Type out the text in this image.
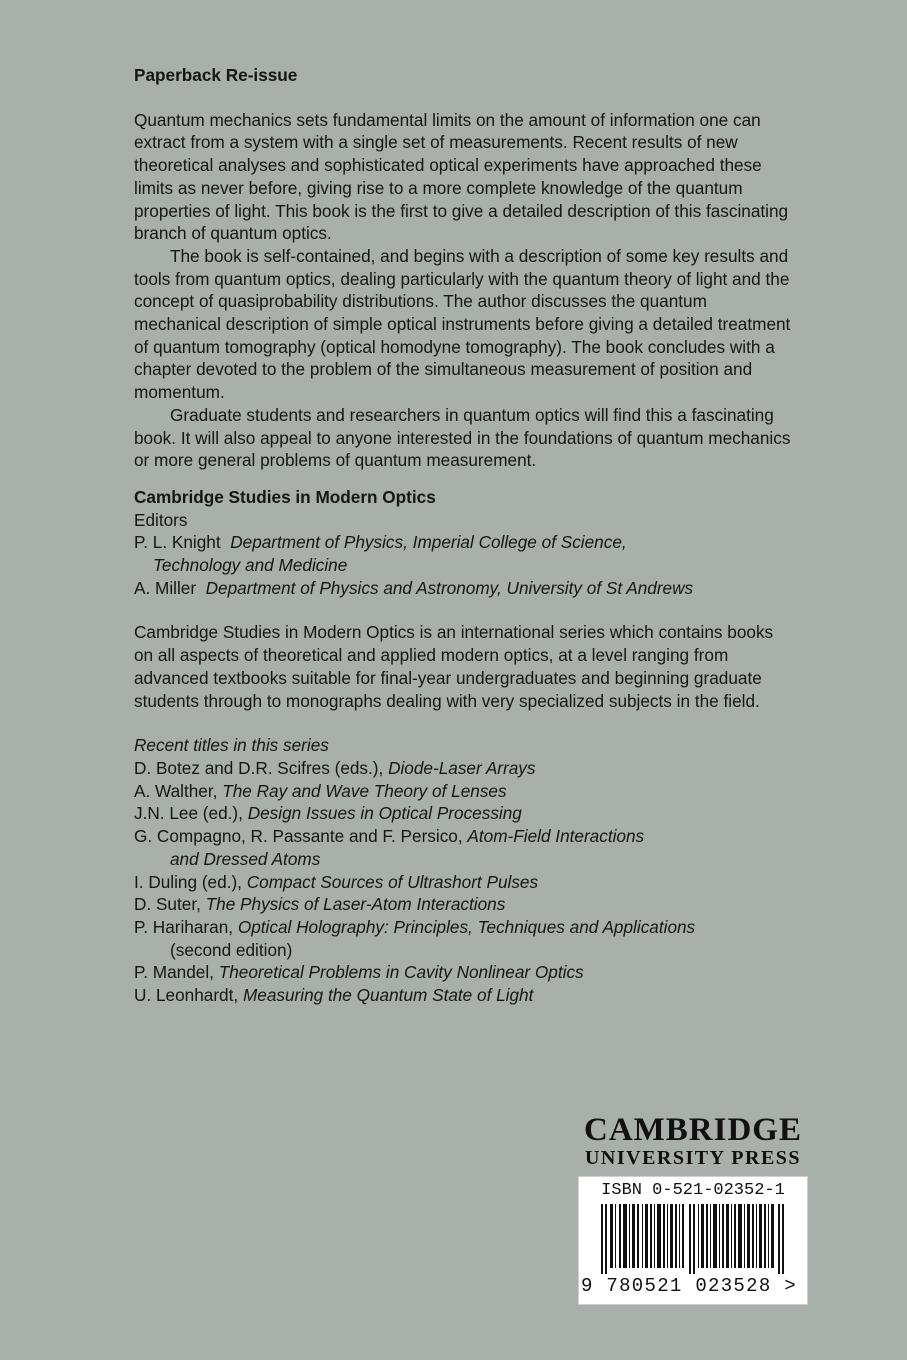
Paperback Re-issue

Quantum mechanics sets fundamental limits on the amount of information one can extract from a system with a single set of measurements. Recent results of new theoretical analyses and sophisticated optical experiments have approached these limits as never before, giving rise to a more complete knowledge of the quantum properties of light. This book is the first to give a detailed description of this fascinating branch of quantum optics.

The book is self-contained, and begins with a description of some key results and tools from quantum optics, dealing particularly with the quantum theory of light and the concept of quasiprobability distributions. The author discusses the quantum mechanical description of simple optical instruments before giving a detailed treatment of quantum tomography (optical homodyne tomography). The book concludes with a chapter devoted to the problem of the simultaneous measurement of position and momentum.

Graduate students and researchers in quantum optics will find this a fascinating book. It will also appeal to anyone interested in the foundations of quantum mechanics or more general problems of quantum measurement.

Cambridge Studies in Modern Optics
Editors
P. L. Knight Department of Physics, Imperial College of Science,
Technology and Medicine
A. Miller Department of Physics and Astronomy, University of St Andrews

Cambridge Studies in Modern Optics is an international series which contains books on all aspects of theoretical and applied modern optics, at a level ranging from advanced textbooks suitable for final-year undergraduates and beginning graduate students through to monographs dealing with very specialized subjects in the field.

Recent titles in this series
D. Botez and D.R. Scifres (eds.), Diode-Laser Arrays
A. Walther, The Ray and Wave Theory of Lenses
J.N. Lee (ed.), Design Issues in Optical Processing
G. Compagno, R. Passante and F. Persico, Atom-Field Interactions
and Dressed Atoms
I. Duling (ed.), Compact Sources of Ultrashort Pulses
D. Suter, The Physics of Laser-Atom Interactions
P. Hariharan, Optical Holography: Principles, Techniques and Applications
(second edition)
P. Mandel, Theoretical Problems in Cavity Nonlinear Optics
U. Leonhardt, Measuring the Quantum State of Light
CAMBRIDGE
UNIVERSITY PRESS
ISBN 0-521-02352-1
9 780521 023528 >
